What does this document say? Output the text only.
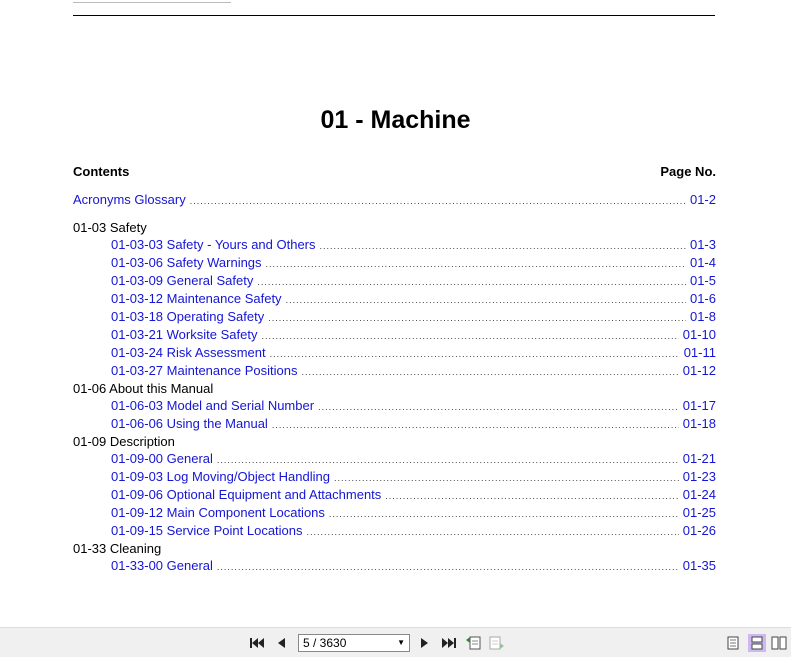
01 - Machine
Contents	Page No.
Acronyms Glossary .....	01-2
01-03 Safety
01-03-03 Safety - Yours and Others .....	01-3
01-03-06 Safety Warnings .....	01-4
01-03-09 General Safety .....	01-5
01-03-12 Maintenance Safety .....	01-6
01-03-18 Operating Safety .....	01-8
01-03-21 Worksite Safety .....	01-10
01-03-24 Risk Assessment .....	01-11
01-03-27 Maintenance Positions .....	01-12
01-06 About this Manual
01-06-03 Model and Serial Number .....	01-17
01-06-06 Using the Manual .....	01-18
01-09 Description
01-09-00 General .....	01-21
01-09-03 Log Moving/Object Handling .....	01-23
01-09-06 Optional Equipment and Attachments .....	01-24
01-09-12 Main Component Locations .....	01-25
01-09-15 Service Point Locations .....	01-26
01-33 Cleaning
01-33-00 General .....	01-35
5 / 3630	▼
